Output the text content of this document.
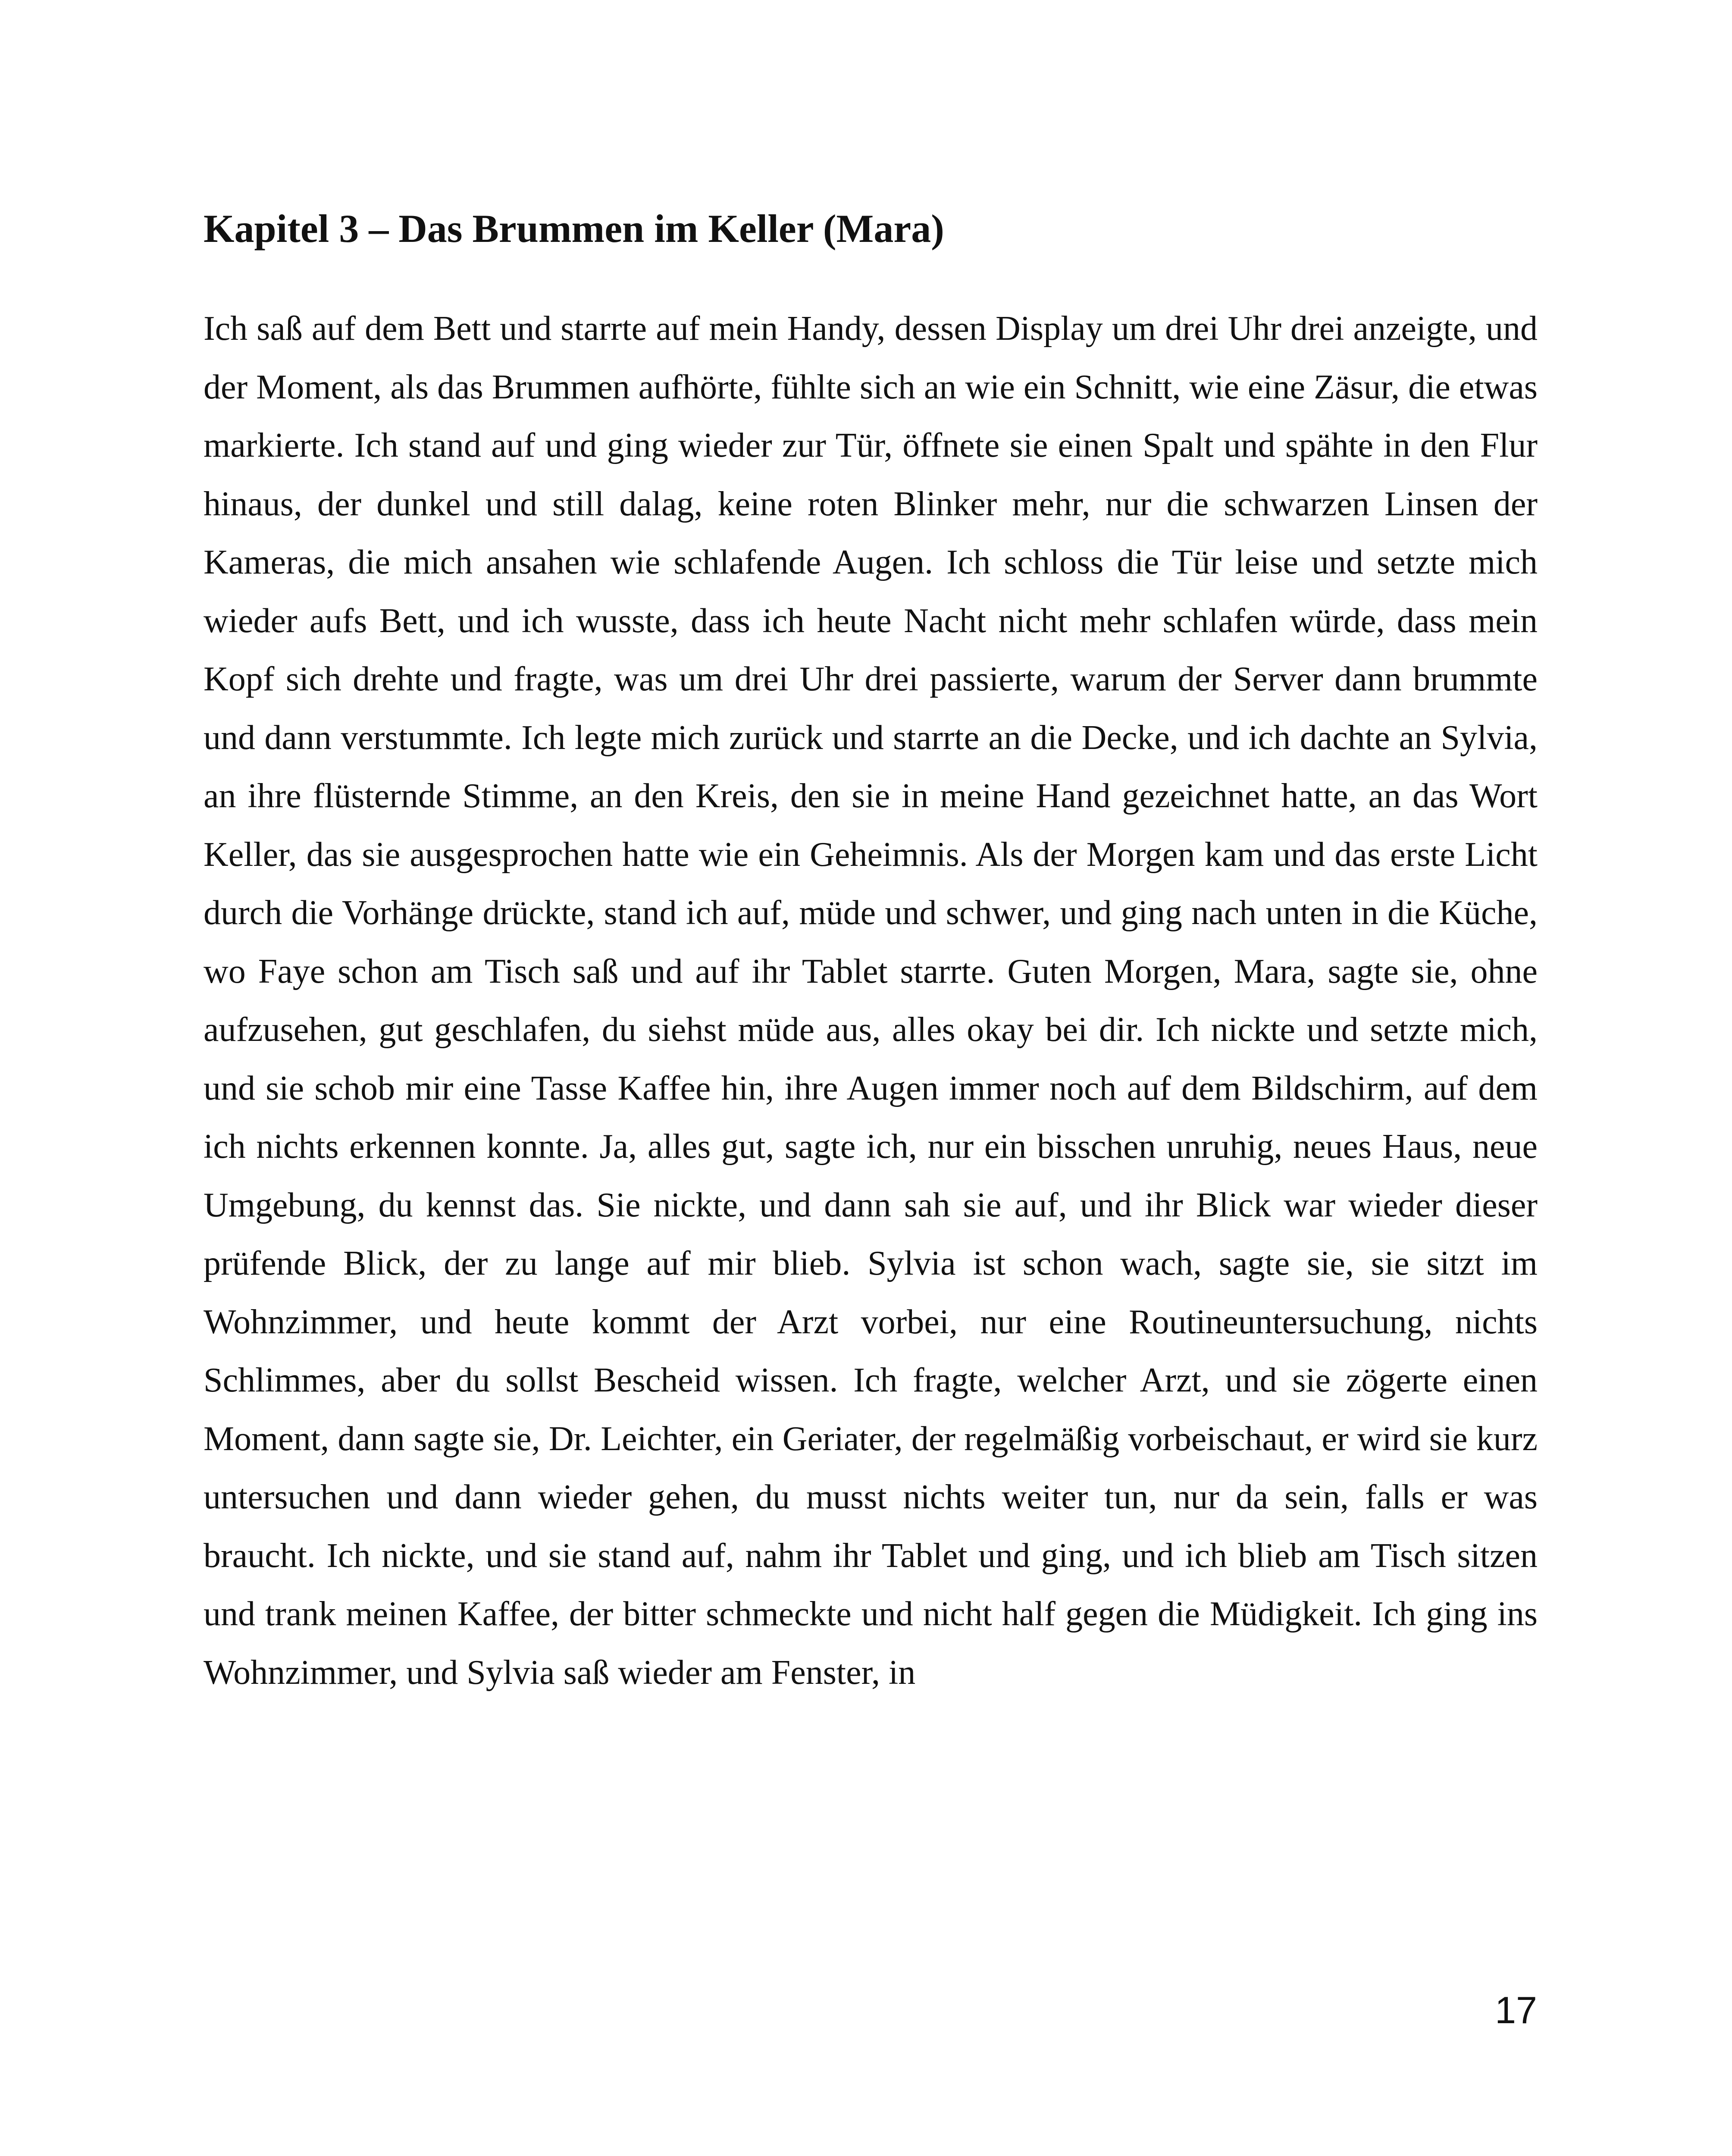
Kapitel 3 – Das Brummen im Keller (Mara)

Ich saß auf dem Bett und starrte auf mein Handy, dessen Display um drei Uhr drei anzeigte, und der Moment, als das Brummen aufhörte, fühlte sich an wie ein Schnitt, wie eine Zäsur, die etwas markierte. Ich stand auf und ging wieder zur Tür, öffnete sie einen Spalt und spähte in den Flur hinaus, der dunkel und still dalag, keine roten Blinker mehr, nur die schwarzen Linsen der Kameras, die mich ansahen wie schlafende Augen. Ich schloss die Tür leise und setzte mich wieder aufs Bett, und ich wusste, dass ich heute Nacht nicht mehr schlafen würde, dass mein Kopf sich drehte und fragte, was um drei Uhr drei passierte, warum der Server dann brummte und dann verstummte. Ich legte mich zurück und starrte an die Decke, und ich dachte an Sylvia, an ihre flüsternde Stimme, an den Kreis, den sie in meine Hand gezeichnet hatte, an das Wort Keller, das sie ausgesprochen hatte wie ein Geheimnis. Als der Morgen kam und das erste Licht durch die Vorhänge drückte, stand ich auf, müde und schwer, und ging nach unten in die Küche, wo Faye schon am Tisch saß und auf ihr Tablet starrte. Guten Morgen, Mara, sagte sie, ohne aufzusehen, gut geschlafen, du siehst müde aus, alles okay bei dir. Ich nickte und setzte mich, und sie schob mir eine Tasse Kaffee hin, ihre Augen immer noch auf dem Bildschirm, auf dem ich nichts erkennen konnte. Ja, alles gut, sagte ich, nur ein bisschen unruhig, neues Haus, neue Umgebung, du kennst das. Sie nickte, und dann sah sie auf, und ihr Blick war wieder dieser prüfende Blick, der zu lange auf mir blieb. Sylvia ist schon wach, sagte sie, sie sitzt im Wohnzimmer, und heute kommt der Arzt vorbei, nur eine Routineuntersuchung, nichts Schlimmes, aber du sollst Bescheid wissen. Ich fragte, welcher Arzt, und sie zögerte einen Moment, dann sagte sie, Dr. Leichter, ein Geriater, der regelmäßig vorbeischaut, er wird sie kurz untersuchen und dann wieder gehen, du musst nichts weiter tun, nur da sein, falls er was braucht. Ich nickte, und sie stand auf, nahm ihr Tablet und ging, und ich blieb am Tisch sitzen und trank meinen Kaffee, der bitter schmeckte und nicht half gegen die Müdigkeit. Ich ging ins Wohnzimmer, und Sylvia saß wieder am Fenster, in

17
